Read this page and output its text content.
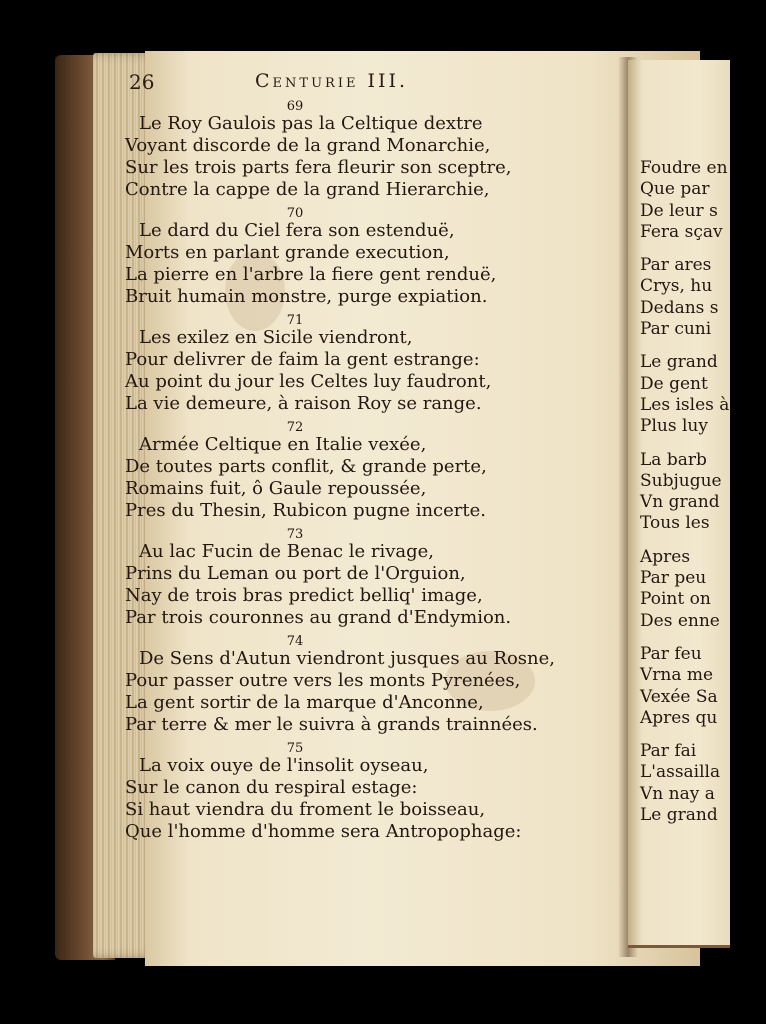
Foudre en
Que par
De leur s
Fera sçav
Par ares
Crys, hu
Dedans s
Par cuni
Le grand
De gent
Les isles à
Plus luy
La barb
Subjugue
Vn grand
Tous les
Apres
Par peu
Point on
Des enne
Par feu
Vrna me
Vexée Sa
Apres qu
Par fai
L'assailla
Vn nay a
Le grand
26	Centurie III.
69
Le Roy Gaulois pas la Celtique dextre
Voyant discorde de la grand Monarchie,
Sur les trois parts fera fleurir son sceptre,
Contre la cappe de la grand Hierarchie,
70
Le dard du Ciel fera son estenduë,
Morts en parlant grande execution,
La pierre en l'arbre la fiere gent renduë,
Bruit humain monstre, purge expiation.
71
Les exilez en Sicile viendront,
Pour delivrer de faim la gent estrange:
Au point du jour les Celtes luy faudront,
La vie demeure, à raison Roy se range.
72
Armée Celtique en Italie vexée,
De toutes parts conflit, & grande perte,
Romains fuit, ô Gaule repoussée,
Pres du Thesin, Rubicon pugne incerte.
73
Au lac Fucin de Benac le rivage,
Prins du Leman ou port de l'Orguion,
Nay de trois bras predict belliq' image,
Par trois couronnes au grand d'Endymion.
74
De Sens d'Autun viendront jusques au Rosne,
Pour passer outre vers les monts Pyrenées,
La gent sortir de la marque d'Anconne,
Par terre & mer le suivra à grands trainnées.
75
La voix ouye de l'insolit oyseau,
Sur le canon du respiral estage:
Si haut viendra du froment le boisseau,
Que l'homme d'homme sera Antropophage:
